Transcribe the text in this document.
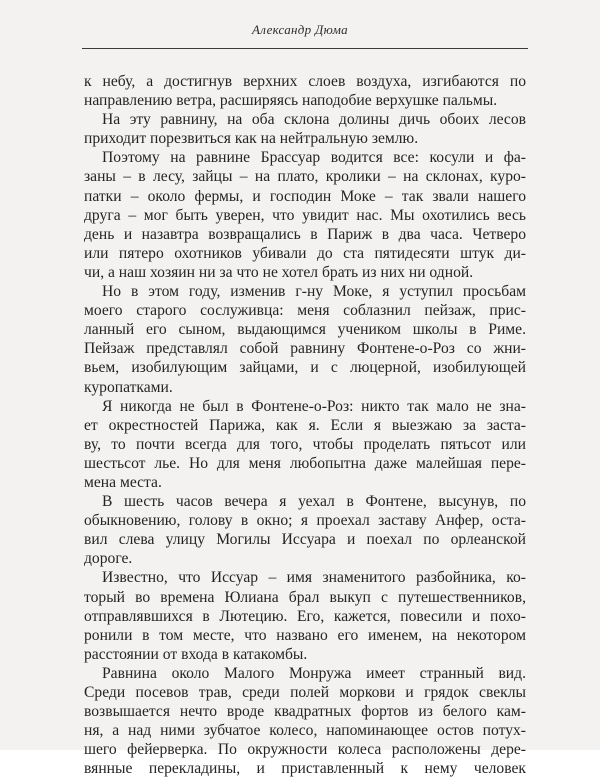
Александр Дюма
к небу, а достигнув верхних слоев воздуха, изгибаются по
направлению ветра, расширяясь наподобие верхушке пальмы.
На эту равнину, на оба склона долины дичь обоих лесов
приходит порезвиться как на нейтральную землю.
Поэтому на равнине Брассуар водится все: косули и фа-
заны – в лесу, зайцы – на плато, кролики – на склонах, куро-
патки – около фермы, и господин Моке – так звали нашего
друга – мог быть уверен, что увидит нас. Мы охотились весь
день и назавтра возвращались в Париж в два часа. Четверо
или пятеро охотников убивали до ста пятидесяти штук ди-
чи, а наш хозяин ни за что не хотел брать из них ни одной.
Но в этом году, изменив г-ну Моке, я уступил просьбам
моего старого сослуживца: меня соблазнил пейзаж, прис-
ланный его сыном, выдающимся учеником школы в Риме.
Пейзаж представлял собой равнину Фонтене-о-Роз со жни-
вьем, изобилующим зайцами, и с люцерной, изобилующей
куропатками.
Я никогда не был в Фонтене-о-Роз: никто так мало не зна-
ет окрестностей Парижа, как я. Если я выезжаю за заста-
ву, то почти всегда для того, чтобы проделать пятьсот или
шестьсот лье. Но для меня любопытна даже малейшая пере-
мена места.
В шесть часов вечера я уехал в Фонтене, высунув, по
обыкновению, голову в окно; я проехал заставу Анфер, оста-
вил слева улицу Могилы Иссуара и поехал по орлеанской
дороге.
Известно, что Иссуар – имя знаменитого разбойника, ко-
торый во времена Юлиана брал выкуп с путешественников,
отправлявшихся в Лютецию. Его, кажется, повесили и похо-
ронили в том месте, что названо его именем, на некотором
расстоянии от входа в катакомбы.
Равнина около Малого Монружа имеет странный вид.
Среди посевов трав, среди полей моркови и грядок свеклы
возвышается нечто вроде квадратных фортов из белого кам-
ня, а над ними зубчатое колесо, напоминающее остов потух-
шего фейерверка. По окружности колеса расположены дере-
вянные перекладины, и приставленный к нему человек
